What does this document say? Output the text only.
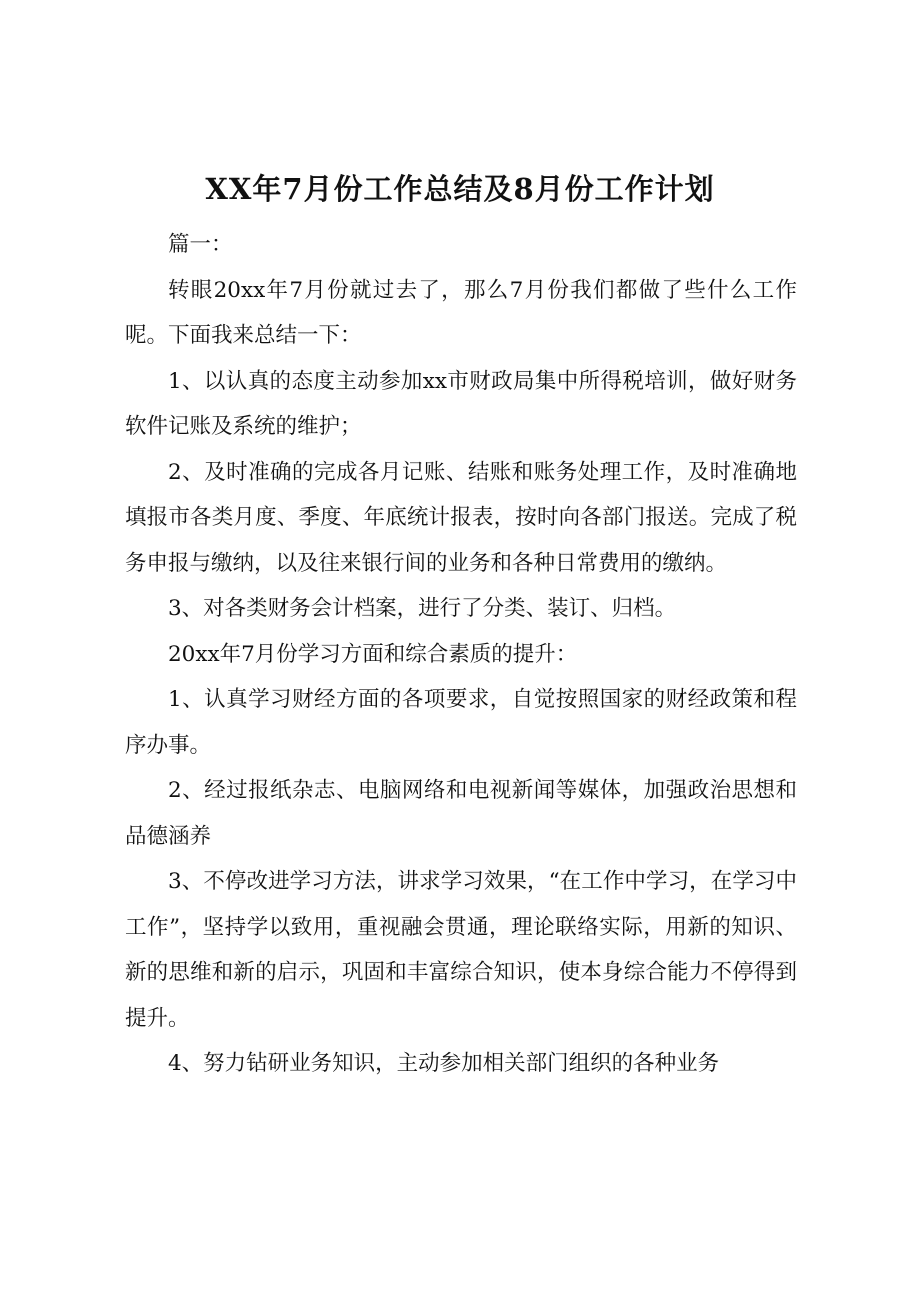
XX年7月份工作总结及8月份工作计划

篇一：

转眼20xx年7月份就过去了，那么7月份我们都做了些什么工作呢。下面我来总结一下：

1、以认真的态度主动参加xx市财政局集中所得税培训，做好财务软件记账及系统的维护；

2、及时准确的完成各月记账、结账和账务处理工作，及时准确地填报市各类月度、季度、年底统计报表，按时向各部门报送。完成了税务申报与缴纳，以及往来银行间的业务和各种日常费用的缴纳。

3、对各类财务会计档案，进行了分类、装订、归档。

20xx年7月份学习方面和综合素质的提升：

1、认真学习财经方面的各项要求，自觉按照国家的财经政策和程序办事。

2、经过报纸杂志、电脑网络和电视新闻等媒体，加强政治思想和品德涵养

3、不停改进学习方法，讲求学习效果，“在工作中学习，在学习中工作”，坚持学以致用，重视融会贯通，理论联络实际，用新的知识、新的思维和新的启示，巩固和丰富综合知识，使本身综合能力不停得到提升。

4、努力钻研业务知识，主动参加相关部门组织的各种业务
